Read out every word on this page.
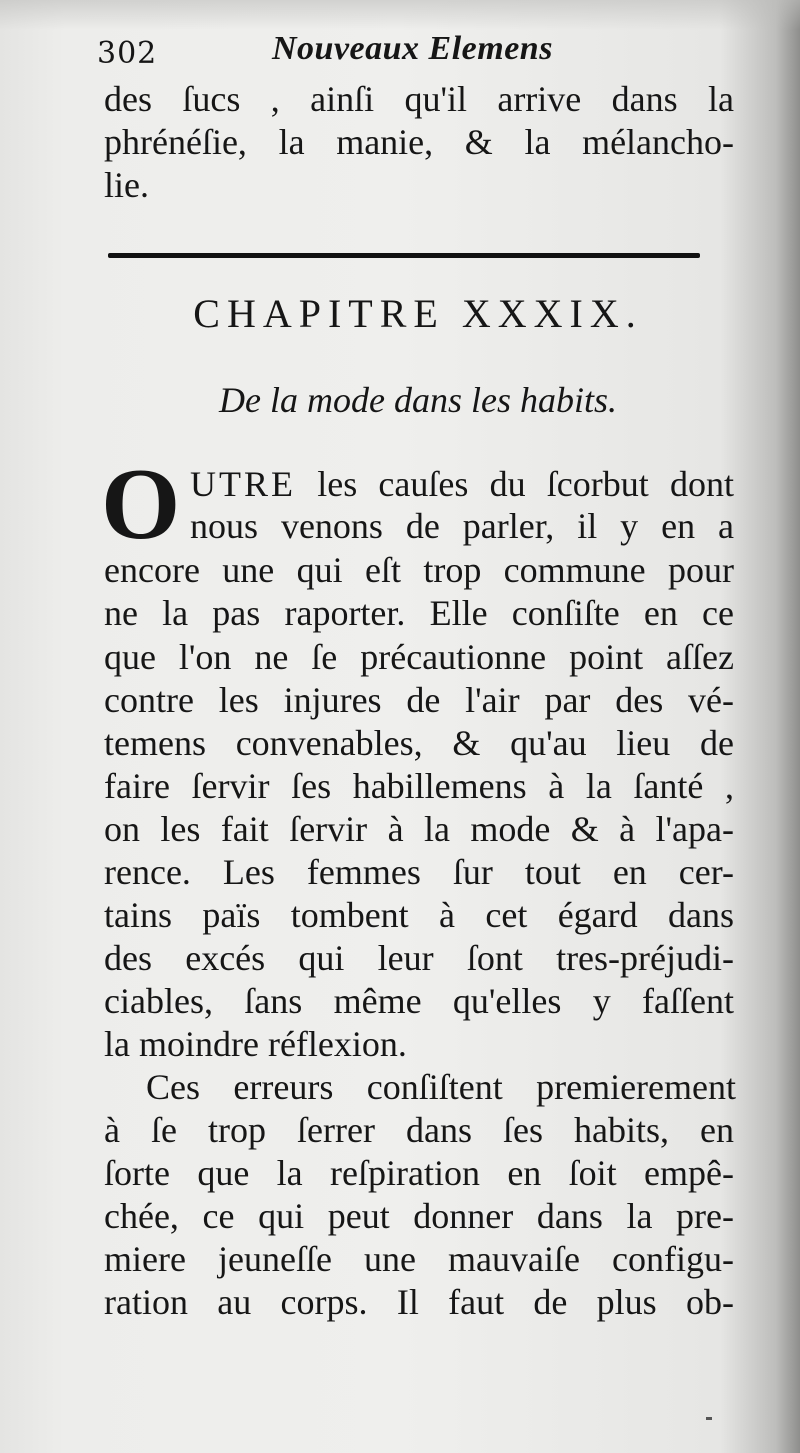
302	Nouveaux Elemens
des ſucs , ainſi qu'il arrive dans la
phrénéſie, la manie, & la mélancho-
lie.
CHAPITRE XXXIX.
De la mode dans les habits.
O UTRE les cauſes du ſcorbut dont
nous venons de parler, il y en a
encore une qui eſt trop commune pour
ne la pas raporter. Elle conſiſte en ce
que l'on ne ſe précautionne point aſſez
contre les injures de l'air par des vé-
temens convenables, & qu'au lieu de
faire ſervir ſes habillemens à la ſanté ,
on les fait ſervir à la mode & à l'apa-
rence. Les femmes ſur tout en cer-
tains païs tombent à cet égard dans
des excés qui leur ſont tres-préjudi-
ciables, ſans même qu'elles y faſſent
la moindre réflexion.
Ces erreurs conſiſtent premierement
à ſe trop ſerrer dans ſes habits, en
ſorte que la reſpiration en ſoit empê-
chée, ce qui peut donner dans la pre-
miere jeuneſſe une mauvaiſe configu-
ration au corps. Il faut de plus ob-
